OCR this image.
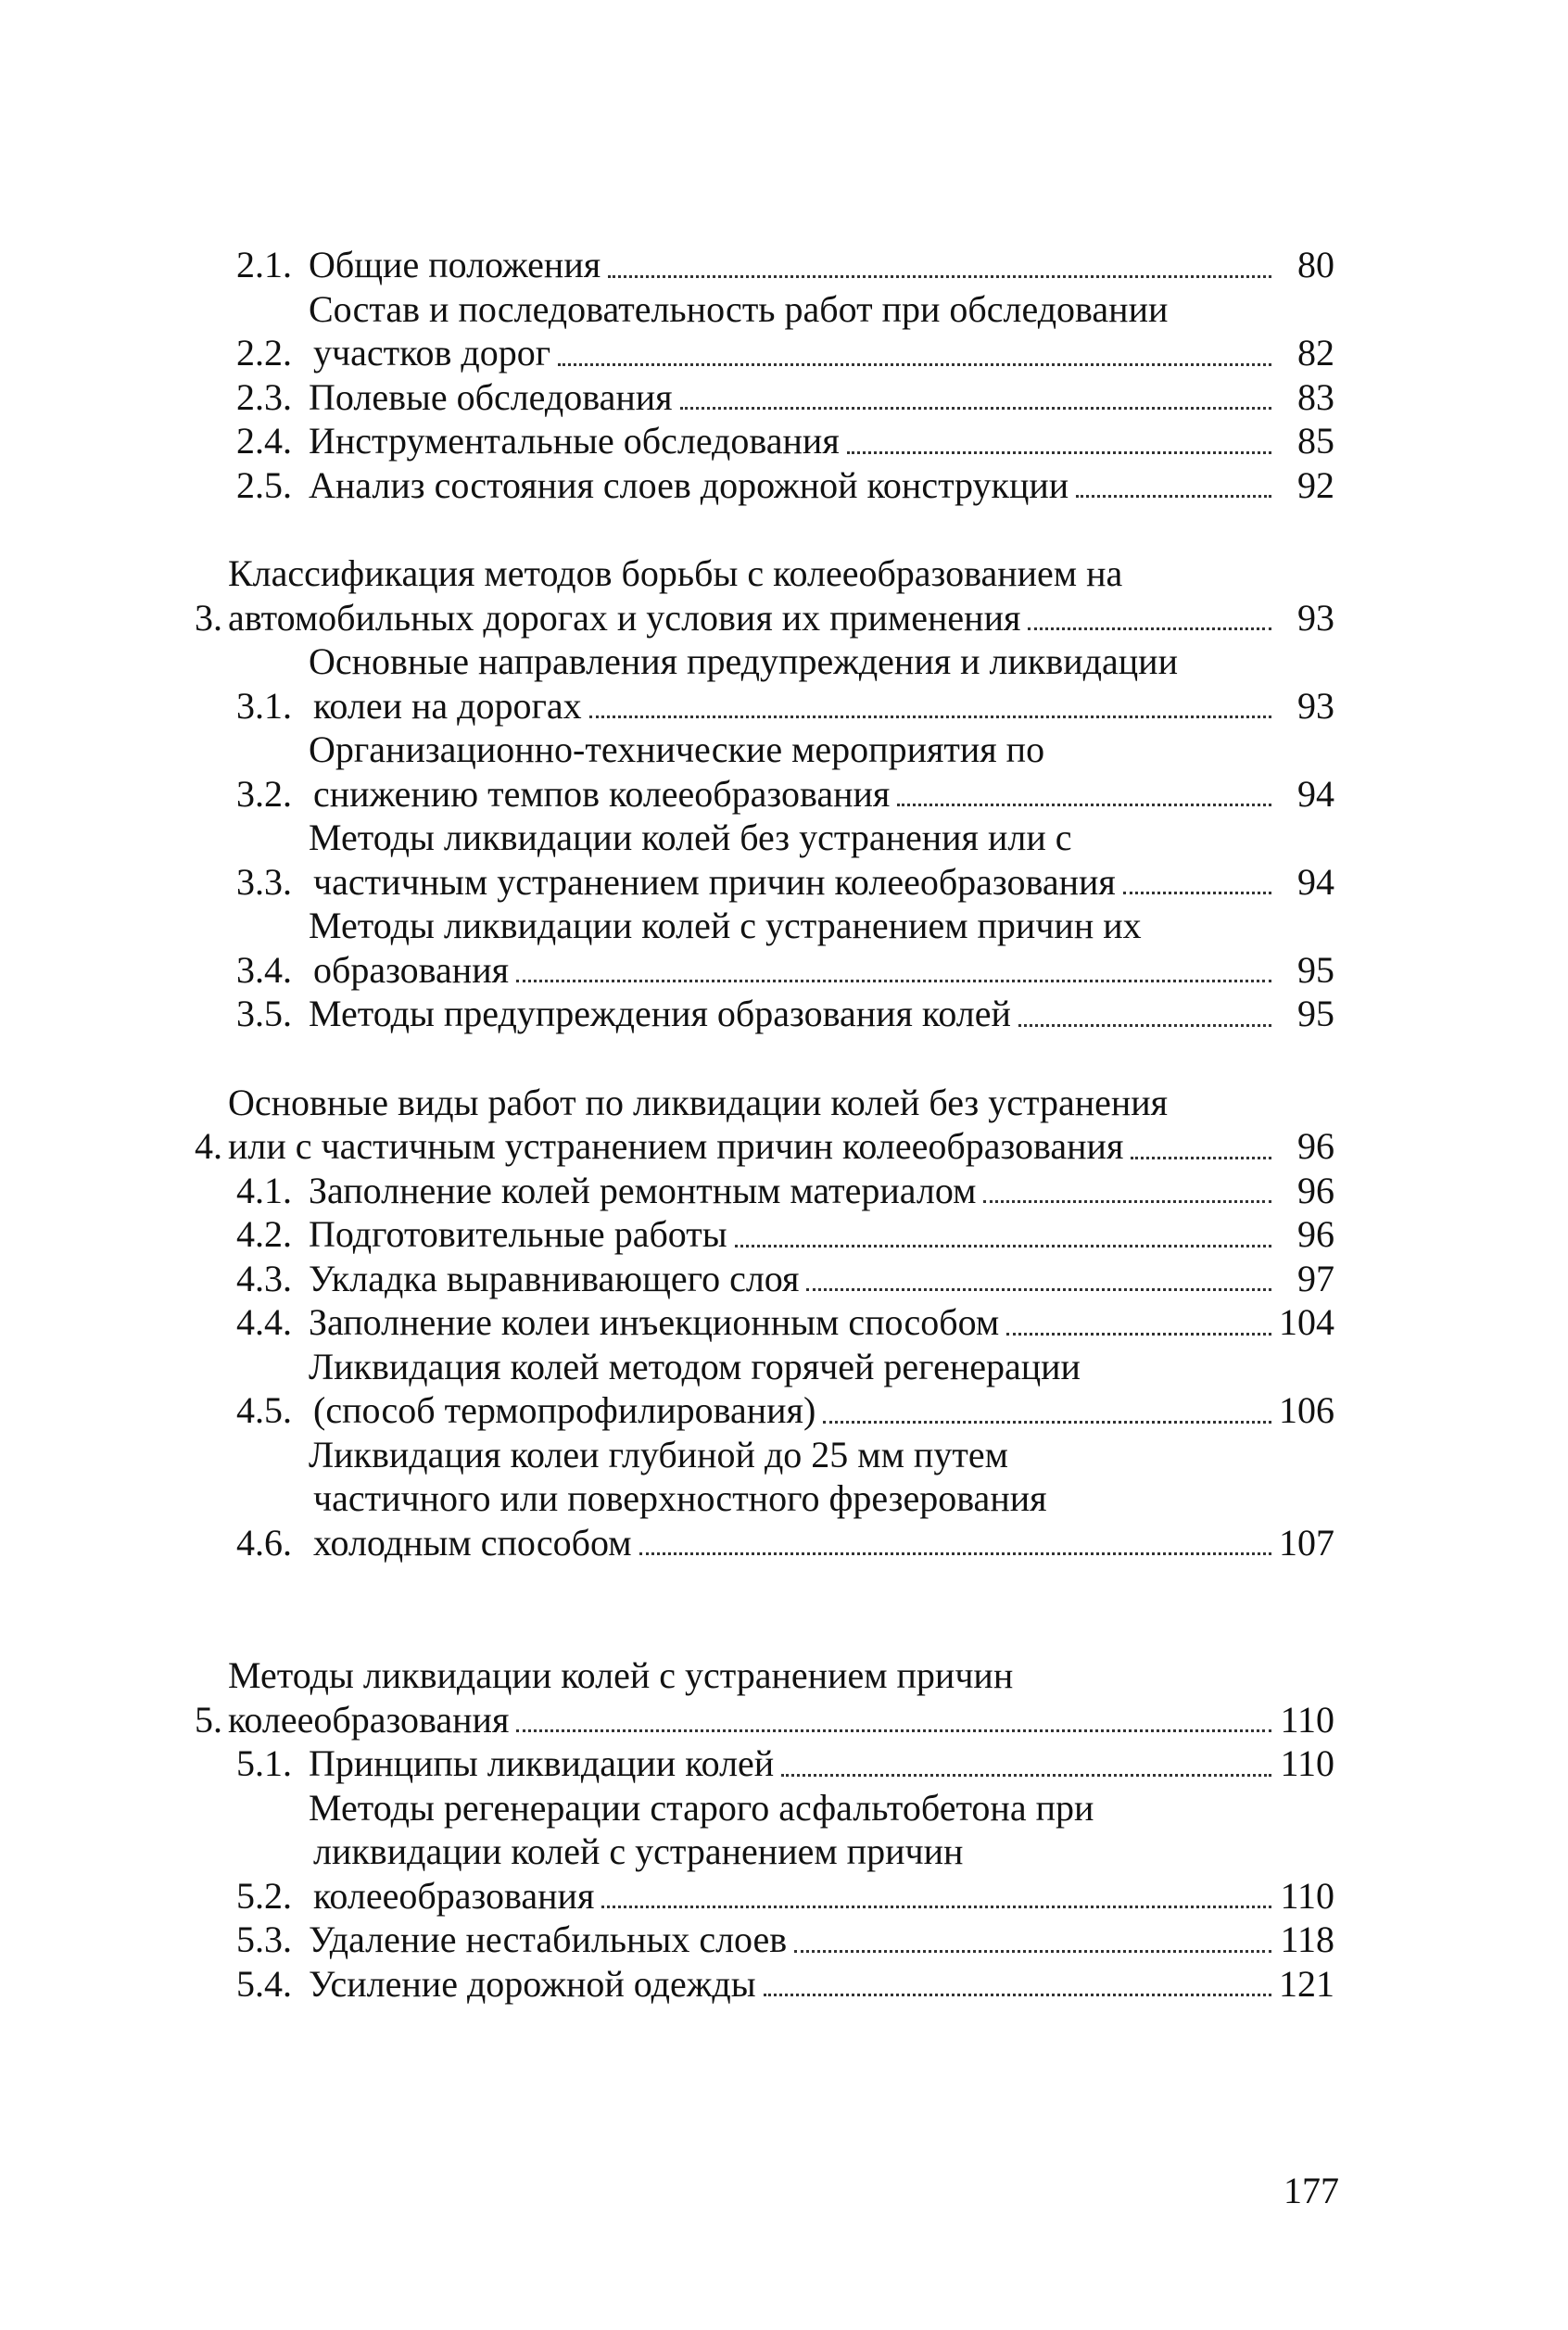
2.1. Общие положения	80
2.2.
Состав и последовательность работ при обследовании
участков дорог	82
2.3. Полевые обследования	83
2.4. Инструментальные обследования	85
2.5. Анализ состояния слоев дорожной конструкции	92
3.
Классификация методов борьбы с колееобразованием на
автомобильных дорогах и условия их применения	93
3.1.
Основные направления предупреждения и ликвидации
колеи на дорогах	93
3.2.
Организационно-технические мероприятия по
снижению темпов колееобразования	94
3.3.
Методы ликвидации колей без устранения или с
частичным устранением причин колееобразования	94
3.4.
Методы ликвидации колей с устранением причин их
образования	95
3.5. Методы предупреждения образования колей	95
4.
Основные виды работ по ликвидации колей без устранения
или с частичным устранением причин колееобразования	96
4.1. Заполнение колей ремонтным материалом	96
4.2. Подготовительные работы	96
4.3. Укладка выравнивающего слоя	97
4.4. Заполнение колеи инъекционным способом	104
4.5.
Ликвидация колей методом горячей регенерации
(способ термопрофилирования)	106
4.6.
Ликвидация колеи глубиной до 25 мм путем
частичного или поверхностного фрезерования
холодным способом	107
5.
Методы ликвидации колей с устранением причин
колееобразования	110
5.1. Принципы ликвидации колей	110
5.2.
Методы регенерации старого асфальтобетона при
ликвидации колей с устранением причин
колееобразования	110
5.3. Удаление нестабильных слоев	118
5.4. Усиление дорожной одежды	121
177
